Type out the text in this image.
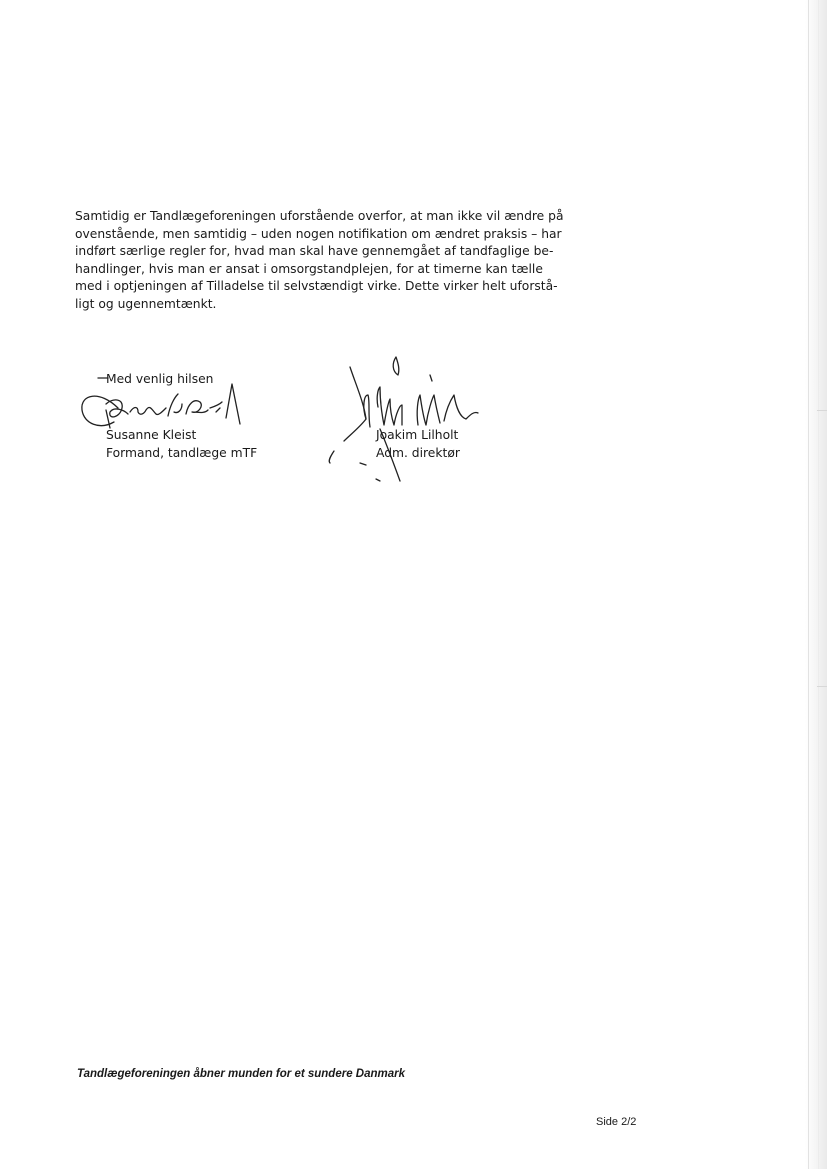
Samtidig er Tandlægeforeningen uforstående overfor, at man ikke vil ændre på
ovenstående, men samtidig – uden nogen notifikation om ændret praksis – har
indført særlige regler for, hvad man skal have gennemgået af tandfaglige be-
handlinger, hvis man er ansat i omsorgstandplejen, for at timerne kan tælle
med i optjeningen af Tilladelse til selvstændigt virke. Dette virker helt uforstå-
ligt og ugennemtænkt.

Med venlig hilsen
Susanne Kleist
Formand, tandlæge mTF
Joakim Lilholt
Adm. direktør
Tandlægeforeningen åbner munden for et sundere Danmark
Side 2/2
